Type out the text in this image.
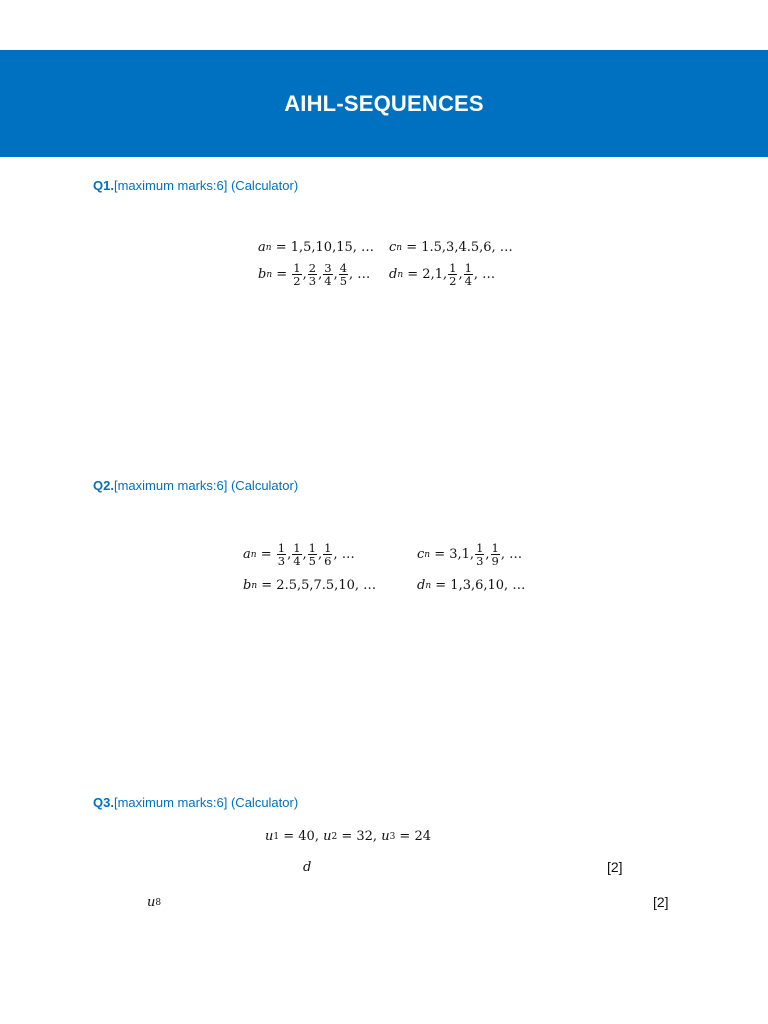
AIHL-SEQUENCES
Q1.[maximum marks:6] (Calculator)
a n = 1,5,10,15, … c n = 1.5,3,4.5,6, …
b $n = \frac{1}{2}$ , $\frac{2}{3}$ , $\frac{3}{4}$ , $\frac{4}{5}$ , … d n = 2,1, $\frac{1}{2}$ , $\frac{1}{4}$ , …
Q2.[maximum marks:6] (Calculator)
a $n = \frac{1}{3}$ , $\frac{1}{4}$ , $\frac{1}{5}$ , $\frac{1}{6}$ , …	c n = 3,1, $\frac{1}{3}$ , $\frac{1}{9}$ , …
b n = 2.5,5,7.5,10, …	d n = 1,3,6,10, …
Q3.[maximum marks:6] (Calculator)
u 1 = 40 , u 2 = 32 , u 3 = 24
d	[2]
u 8	[2]
